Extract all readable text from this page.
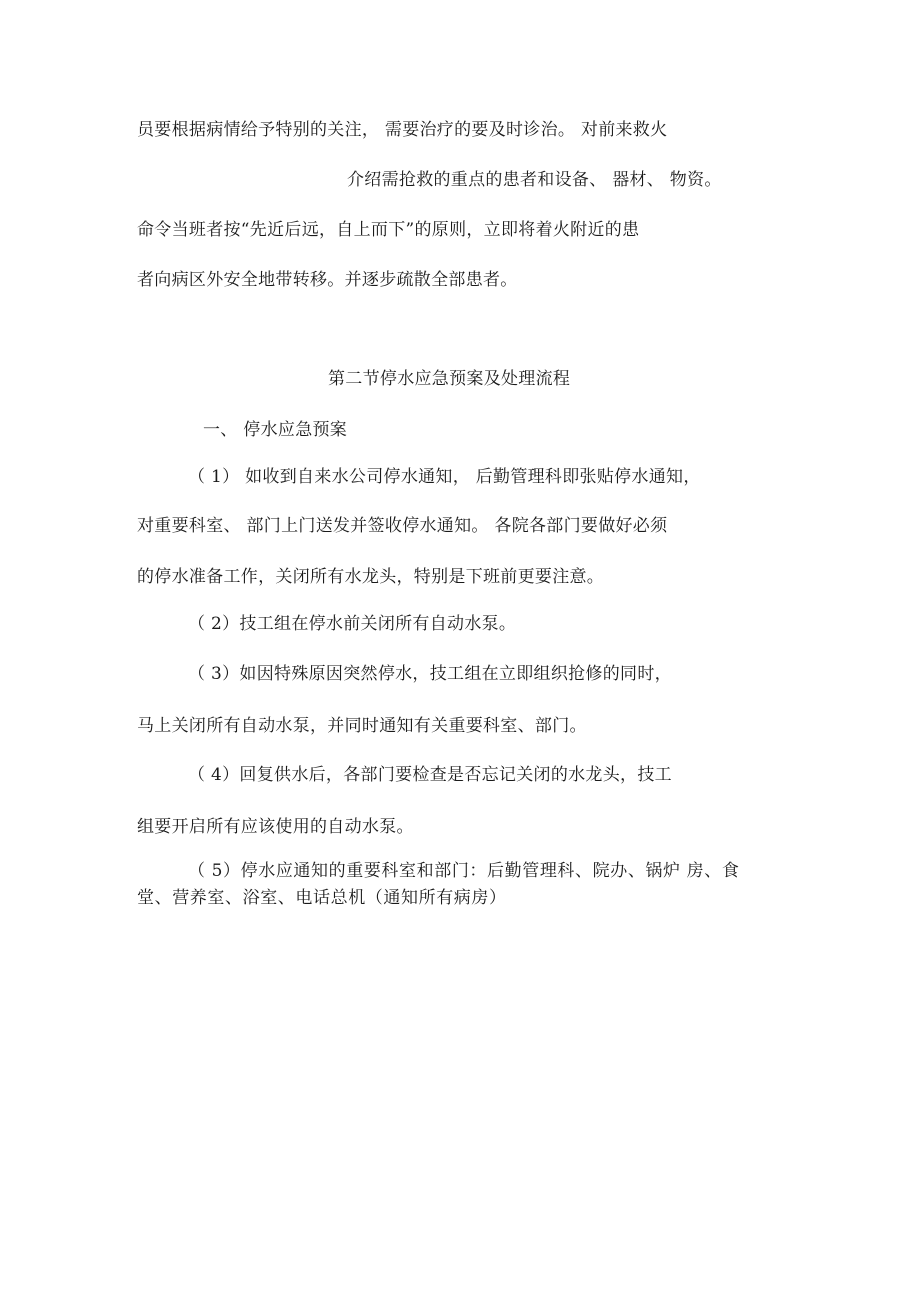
员要根据病情给予特别的关注， 需要治疗的要及时诊治。 对前来救火
介绍需抢救的重点的患者和设备、 器材、 物资。
命令当班者按“先近后远，自上而下”的原则，立即将着火附近的患
者向病区外安全地带转移。并逐步疏散全部患者。
第二节停水应急预案及处理流程
一、 停水应急预案
（ 1） 如收到自来水公司停水通知， 后勤管理科即张贴停水通知，
对重要科室、 部门上门送发并签收停水通知。 各院各部门要做好必须
的停水准备工作，关闭所有水龙头，特别是下班前更要注意。
（ 2）技工组在停水前关闭所有自动水泵。
（ 3）如因特殊原因突然停水，技工组在立即组织抢修的同时，
马上关闭所有自动水泵，并同时通知有关重要科室、部门。
（ 4）回复供水后，各部门要检查是否忘记关闭的水龙头，技工
组要开启所有应该使用的自动水泵。
（ 5）停水应通知的重要科室和部门：后勤管理科、院办、锅炉 房、食堂、营养室、浴室、电话总机（通知所有病房）
